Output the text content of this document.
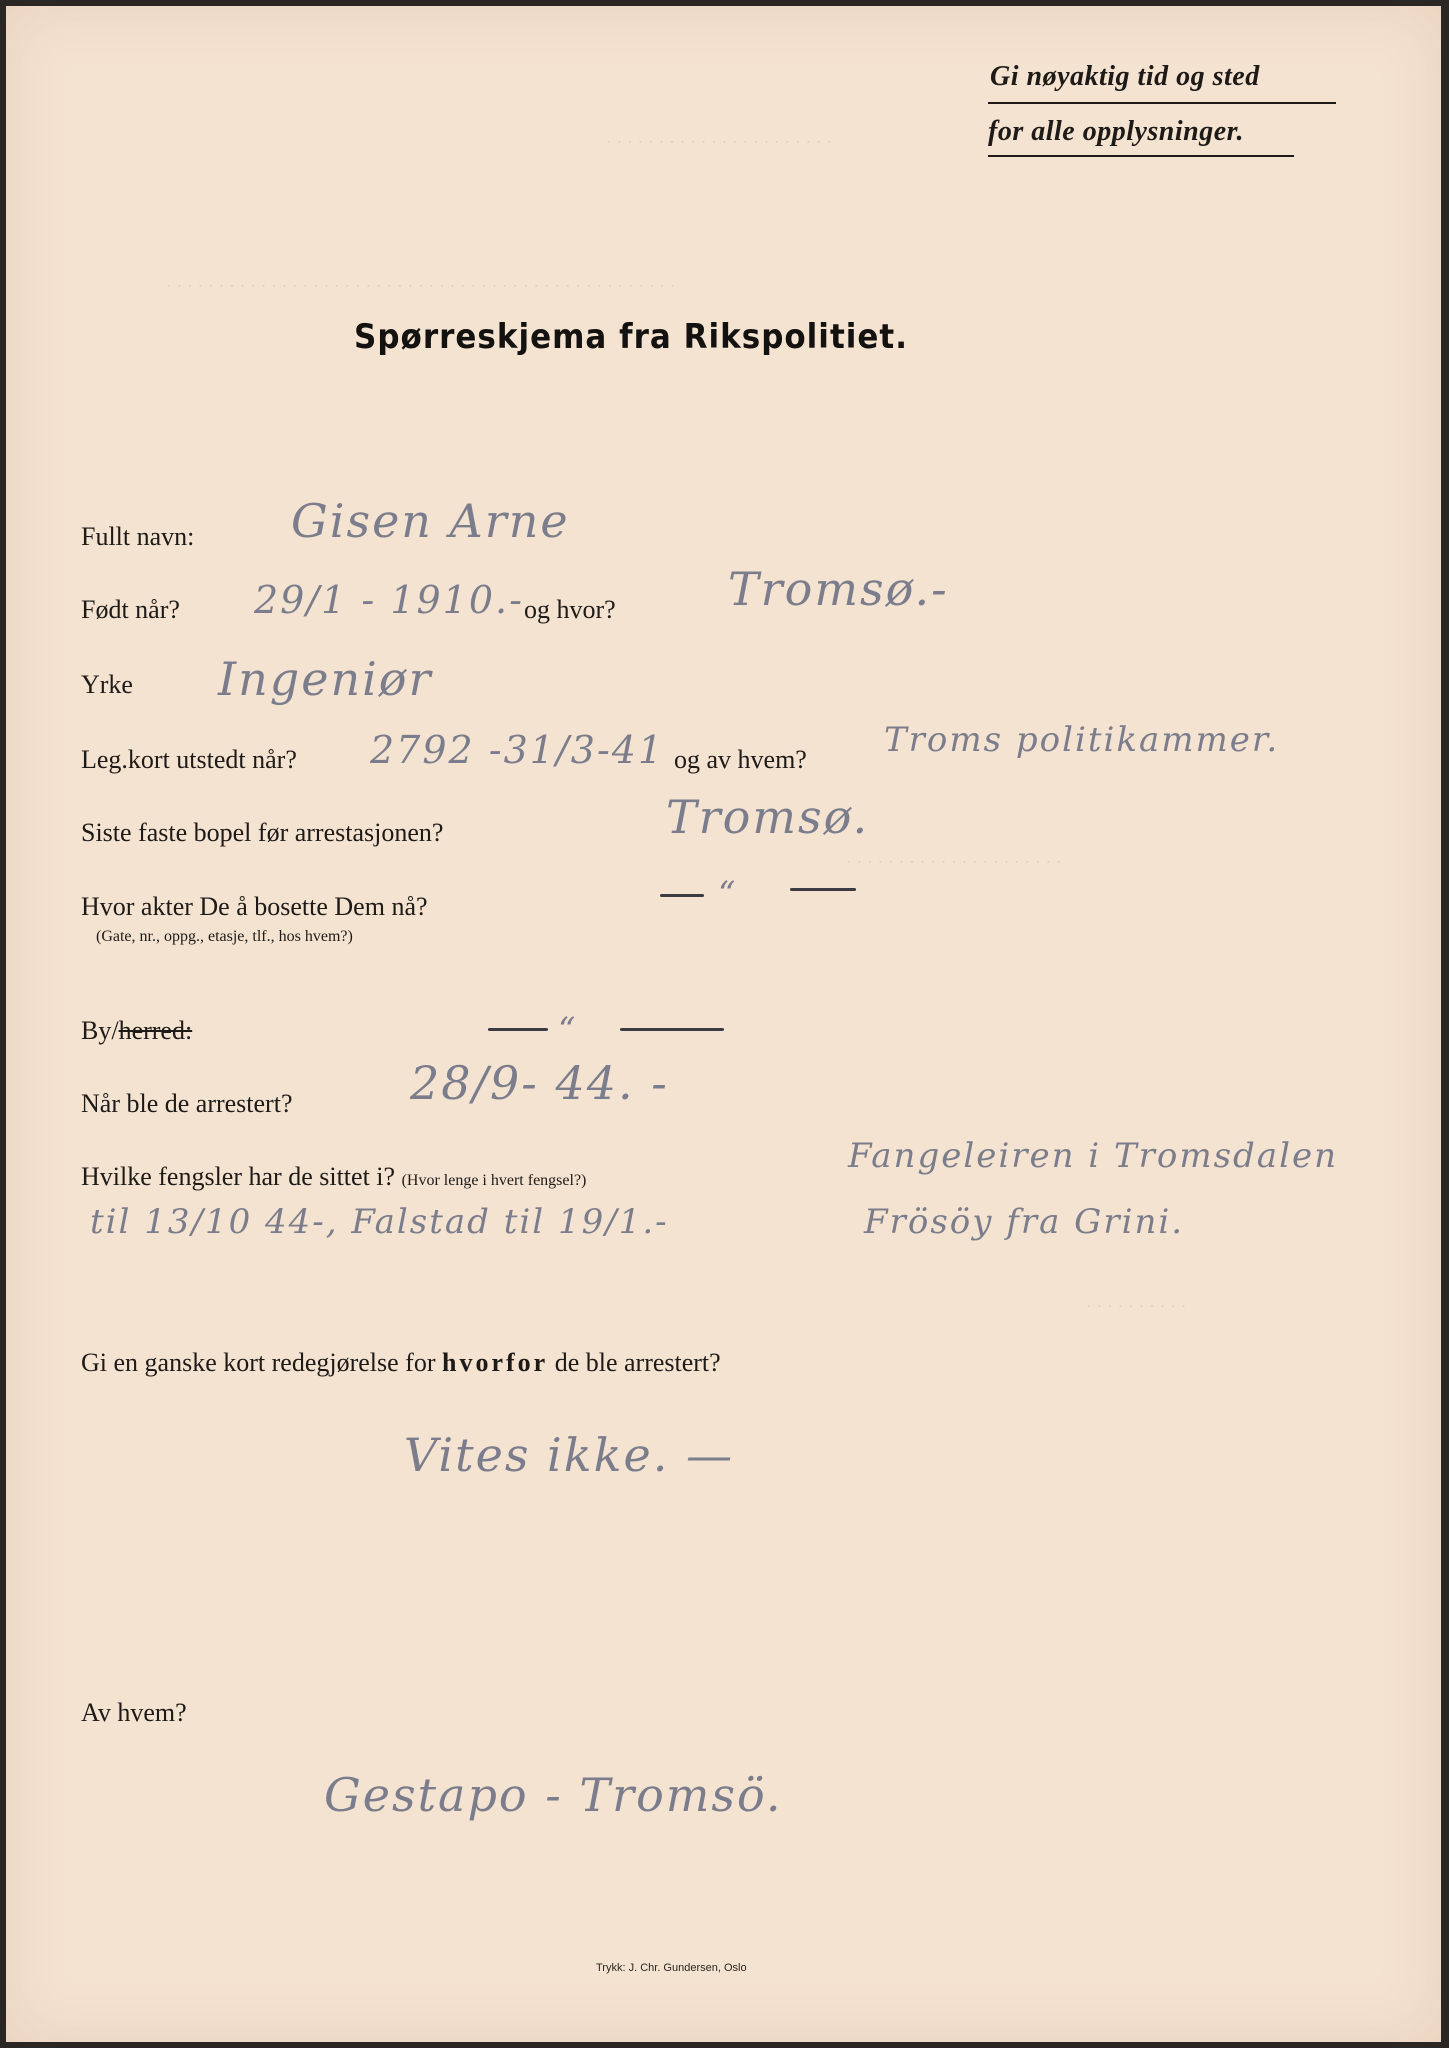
· · · · · · · · · · · · · · · · · · · · · ·
· · · · · · · · · · · · · · · · · · · · · · · · · · · · · · · · · · · · · · · · · · · · · · · · ·
Gi nøyaktig tid og sted
for alle opplysninger.
Spørreskjema fra Rikspolitiet.
Fullt navn: Gisen Arne
Født når? 29/1 - 1910.- og hvor? Tromsø.-
Yrke Ingeniør
Leg.kort utstedt når? 2792 -31/3-41 og av hvem? Troms politikammer.
Siste faste bopel før arrestasjonen?	Tromsø.
· · · · · · · · · · · · · · · · · · · · ·
Hvor akter De å bosette Dem nå?
(Gate, nr., oppg., etasje, tlf., hos hvem?)
“
By/herred:	“
Når ble de arrestert?	28/9- 44. -
Hvilke fengsler har de sittet i? (Hvor lenge i hvert fengsel?)
Fangeleiren i Tromsdalen
til 13/10 44-, Falstad til 19/1.-	Frösöy fra Grini.
· · · · · · · · · ·
Gi en ganske kort redegjørelse for hvorfor de ble arrestert?
Vites ikke. —
Av hvem?
Gestapo - Tromsö.
Trykk: J. Chr. Gundersen, Oslo
